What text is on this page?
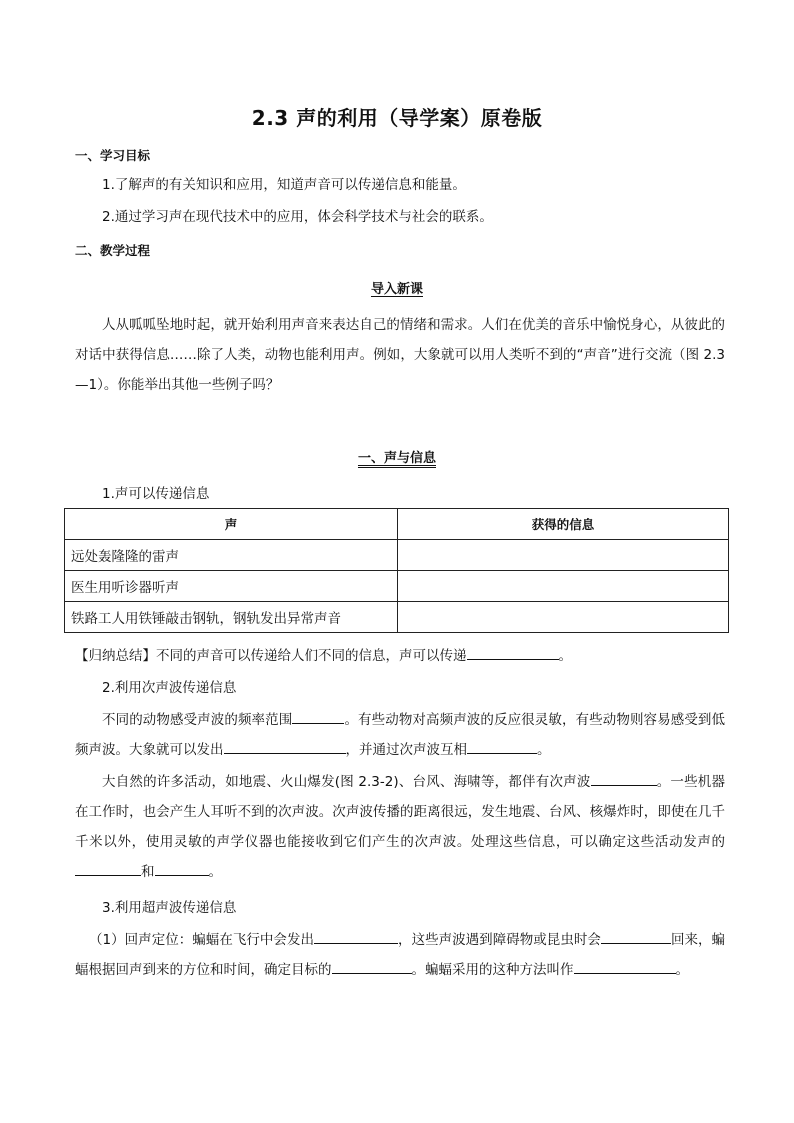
2.3 声的利用（导学案）原卷版
一、学习目标
1.了解声的有关知识和应用，知道声音可以传递信息和能量。
2.通过学习声在现代技术中的应用，体会科学技术与社会的联系。
二、教学过程
导入新课
人从呱呱坠地时起，就开始利用声音来表达自己的情绪和需求。人们在优美的音乐中愉悦身心，从彼此的对话中获得信息……除了人类，动物也能利用声。例如，大象就可以用人类听不到的“声音”进行交流（图 2.3—1）。你能举出其他一些例子吗？
一、声与信息
1.声可以传递信息
声	获得的信息
远处轰隆隆的雷声	
医生用听诊器听声	
铁路工人用铁锤敲击钢轨，钢轨发出异常声音	
【归纳总结】不同的声音可以传递给人们不同的信息，声可以传递	。
2.利用次声波传递信息
不同的动物感受声波的频率范围	。有些动物对高频声波的反应很灵敏，有些动物则容易感受到低频声波。大象就可以发出	，并通过次声波互相	。
大自然的许多活动，如地震、火山爆发(图 2.3-2)、台风、海啸等，都伴有次声波	。一些机器在工作时，也会产生人耳听不到的次声波。次声波传播的距离很远，发生地震、台风、核爆炸时，即使在几千千米以外，使用灵敏的声学仪器也能接收到它们产生的次声波。处理这些信息，可以确定这些活动发声的和	。
3.利用超声波传递信息
（1）回声定位：蝙蝠在飞行中会发出	，这些声波遇到障碍物或昆虫时会	回来，蝙蝠根据回声到来的方位和时间，确定目标的	。蝙蝠采用的这种方法叫作	。
